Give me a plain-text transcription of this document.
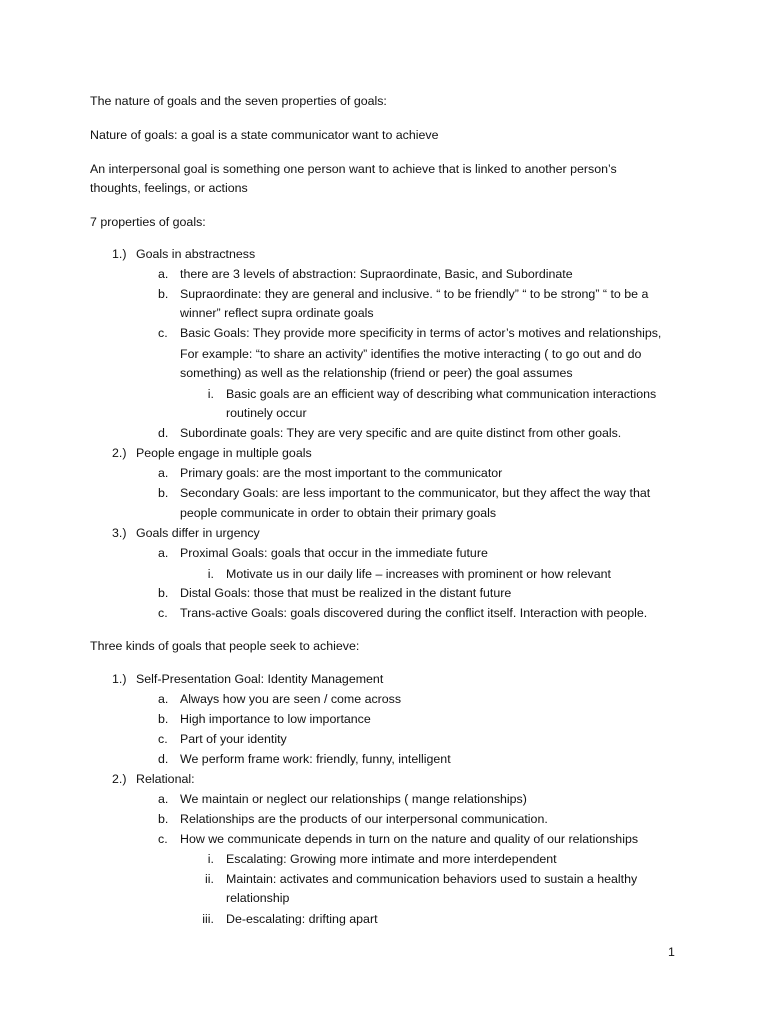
The nature of goals and the seven properties of goals:

Nature of goals: a goal is a state communicator want to achieve

An interpersonal goal is something one person want to achieve that is linked to another person’s

thoughts, feelings, or actions

7 properties of goals:

1.) Goals in abstractness
a. there are 3 levels of abstraction: Supraordinate, Basic, and Subordinate
b. Supraordinate: they are general and inclusive. “ to be friendly” “ to be strong” “ to be a
winner” reflect supra ordinate goals
c. Basic Goals: They provide more specificity in terms of actor’s motives and relationships,
For example: “to share an activity” identifies the motive interacting ( to go out and do
something) as well as the relationship (friend or peer) the goal assumes
i. Basic goals are an efficient way of describing what communication interactions
routinely occur
d. Subordinate goals: They are very specific and are quite distinct from other goals.
2.) People engage in multiple goals
a. Primary goals: are the most important to the communicator
b. Secondary Goals: are less important to the communicator, but they affect the way that
people communicate in order to obtain their primary goals
3.) Goals differ in urgency
a. Proximal Goals: goals that occur in the immediate future
i. Motivate us in our daily life – increases with prominent or how relevant
b. Distal Goals: those that must be realized in the distant future
c. Trans-active Goals: goals discovered during the conflict itself. Interaction with people.

Three kinds of goals that people seek to achieve:

1.) Self-Presentation Goal: Identity Management
a. Always how you are seen / come across
b. High importance to low importance
c. Part of your identity
d. We perform frame work: friendly, funny, intelligent
2.) Relational:
a. We maintain or neglect our relationships ( mange relationships)
b. Relationships are the products of our interpersonal communication.
c. How we communicate depends in turn on the nature and quality of our relationships
i. Escalating: Growing more intimate and more interdependent
ii. Maintain: activates and communication behaviors used to sustain a healthy
relationship
iii. De-escalating: drifting apart
1
